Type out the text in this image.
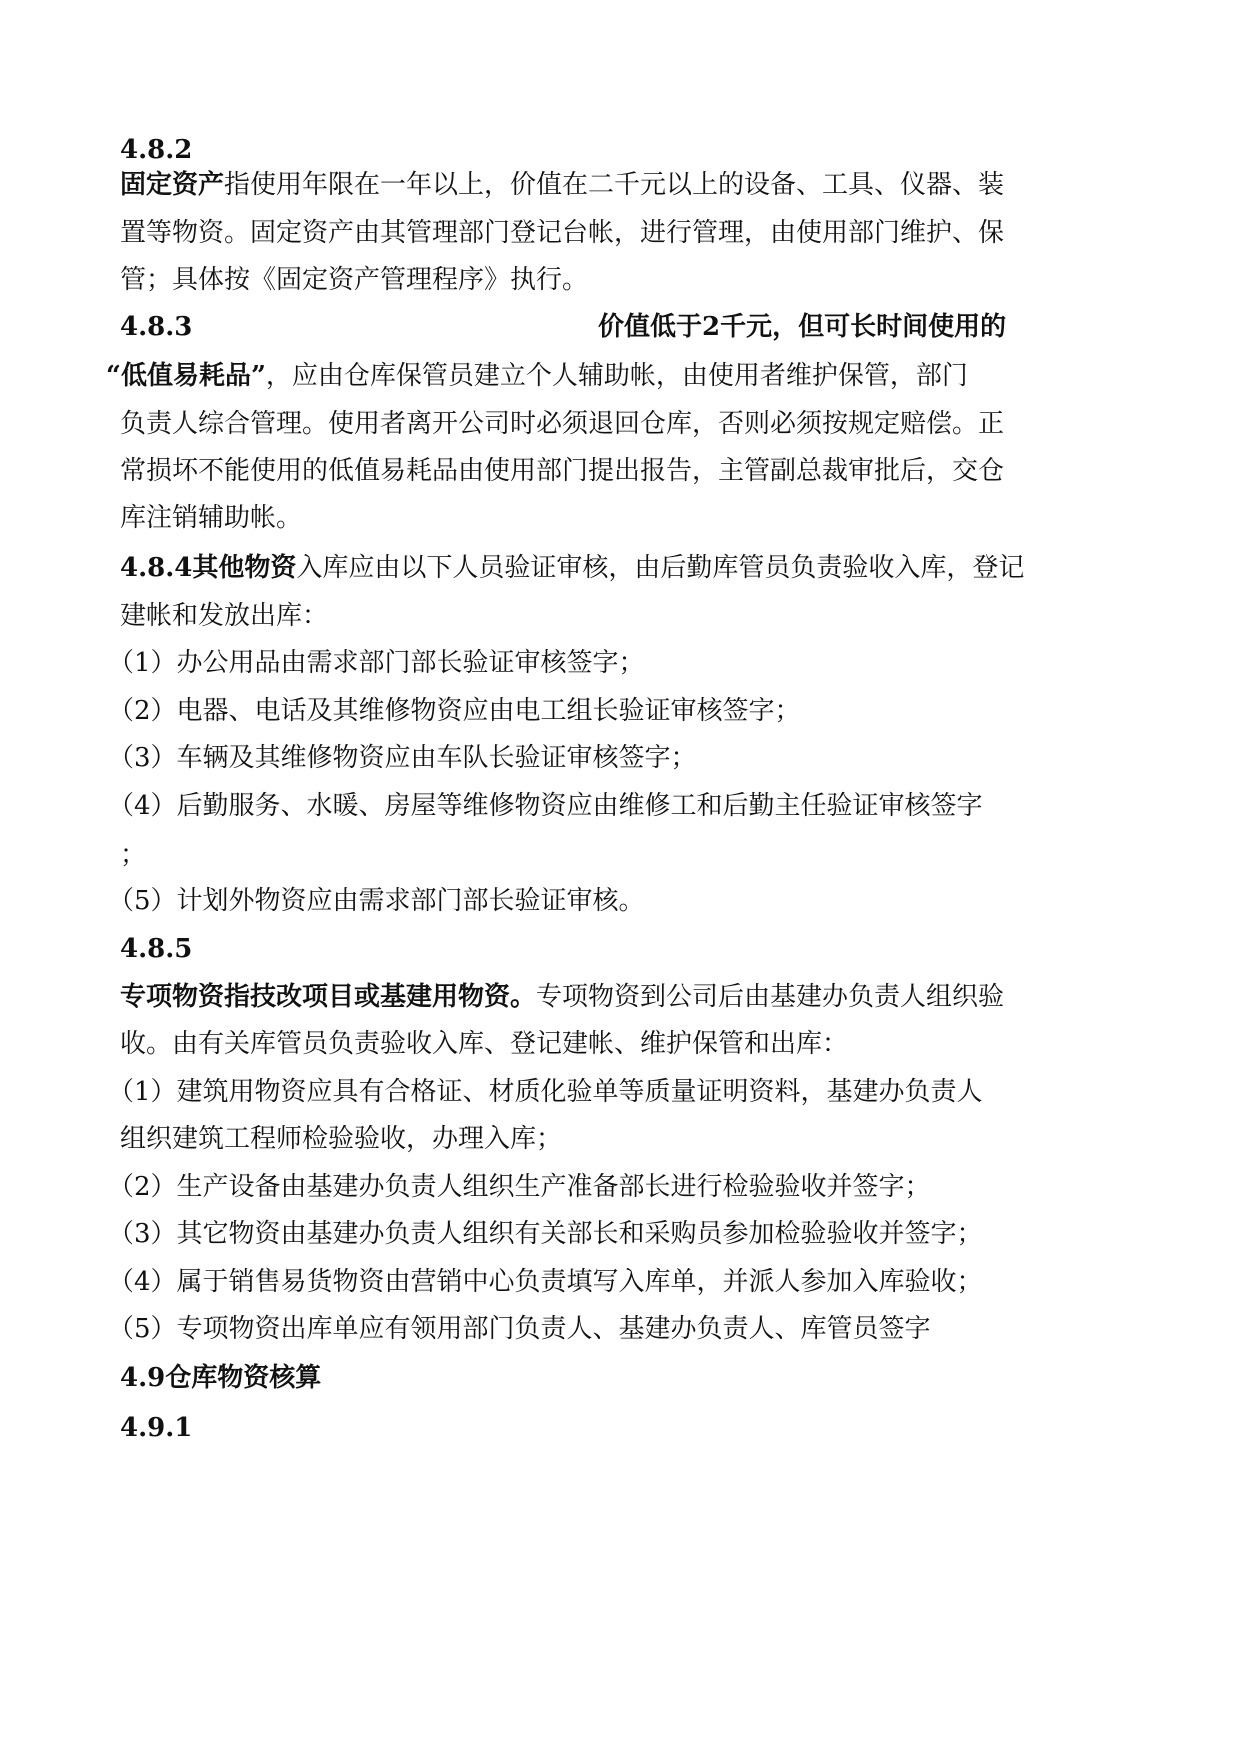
4.8.2
固定资产指使用年限在一年以上，价值在二千元以上的设备、工具、仪器、装
置等物资。固定资产由其管理部门登记台帐，进行管理，由使用部门维护、保
管；具体按《固定资产管理程序》执行。
4.8.3	价值低于2千元，但可长时间使用的
“低值易耗品”，应由仓库保管员建立个人辅助帐，由使用者维护保管，部门
负责人综合管理。使用者离开公司时必须退回仓库，否则必须按规定赔偿。正
常损坏不能使用的低值易耗品由使用部门提出报告，主管副总裁审批后，交仓
库注销辅助帐。
4.8.4其他物资入库应由以下人员验证审核，由后勤库管员负责验收入库，登记
建帐和发放出库：
（1）办公用品由需求部门部长验证审核签字；
（2）电器、电话及其维修物资应由电工组长验证审核签字；
（3）车辆及其维修物资应由车队长验证审核签字；
（4）后勤服务、水暖、房屋等维修物资应由维修工和后勤主任验证审核签字
；
（5）计划外物资应由需求部门部长验证审核。
4.8.5
专项物资指技改项目或基建用物资。专项物资到公司后由基建办负责人组织验
收。由有关库管员负责验收入库、登记建帐、维护保管和出库：
（1）建筑用物资应具有合格证、材质化验单等质量证明资料，基建办负责人
组织建筑工程师检验验收，办理入库；
（2）生产设备由基建办负责人组织生产准备部长进行检验验收并签字；
（3）其它物资由基建办负责人组织有关部长和采购员参加检验验收并签字；
（4）属于销售易货物资由营销中心负责填写入库单，并派人参加入库验收；
（5）专项物资出库单应有领用部门负责人、基建办负责人、库管员签字
4.9仓库物资核算
4.9.1
